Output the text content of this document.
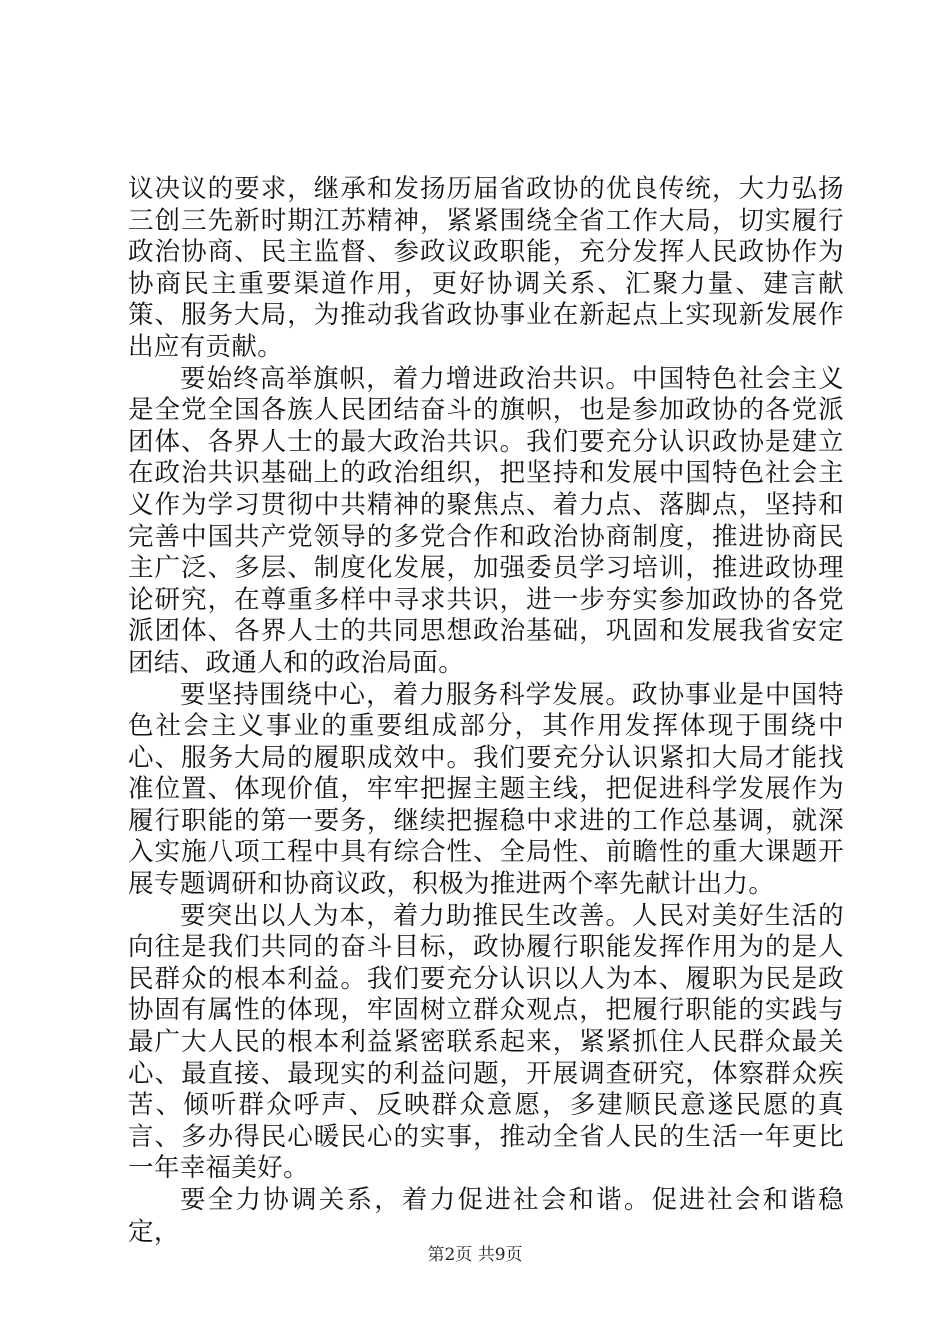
议决议的要求，继承和发扬历届省政协的优良传统，大力弘扬三创三先新时期江苏精神，紧紧围绕全省工作大局，切实履行政治协商、民主监督、参政议政职能，充分发挥人民政协作为协商民主重要渠道作用，更好协调关系、汇聚力量、建言献策、服务大局，为推动我省政协事业在新起点上实现新发展作出应有贡献。

要始终高举旗帜，着力增进政治共识。中国特色社会主义是全党全国各族人民团结奋斗的旗帜，也是参加政协的各党派团体、各界人士的最大政治共识。我们要充分认识政协是建立在政治共识基础上的政治组织，把坚持和发展中国特色社会主义作为学习贯彻中共精神的聚焦点、着力点、落脚点，坚持和完善中国共产党领导的多党合作和政治协商制度，推进协商民主广泛、多层、制度化发展，加强委员学习培训，推进政协理论研究，在尊重多样中寻求共识，进一步夯实参加政协的各党派团体、各界人士的共同思想政治基础，巩固和发展我省安定团结、政通人和的政治局面。

要坚持围绕中心，着力服务科学发展。政协事业是中国特色社会主义事业的重要组成部分，其作用发挥体现于围绕中心、服务大局的履职成效中。我们要充分认识紧扣大局才能找准位置、体现价值，牢牢把握主题主线，把促进科学发展作为履行职能的第一要务，继续把握稳中求进的工作总基调，就深入实施八项工程中具有综合性、全局性、前瞻性的重大课题开展专题调研和协商议政，积极为推进两个率先献计出力。

要突出以人为本，着力助推民生改善。人民对美好生活的向往是我们共同的奋斗目标，政协履行职能发挥作用为的是人民群众的根本利益。我们要充分认识以人为本、履职为民是政协固有属性的体现，牢固树立群众观点，把履行职能的实践与最广大人民的根本利益紧密联系起来，紧紧抓住人民群众最关心、最直接、最现实的利益问题，开展调查研究，体察群众疾苦、倾听群众呼声、反映群众意愿，多建顺民意遂民愿的真言、多办得民心暖民心的实事，推动全省人民的生活一年更比一年幸福美好。

要全力协调关系，着力促进社会和谐。促进社会和谐稳定，

第2页 共9页
